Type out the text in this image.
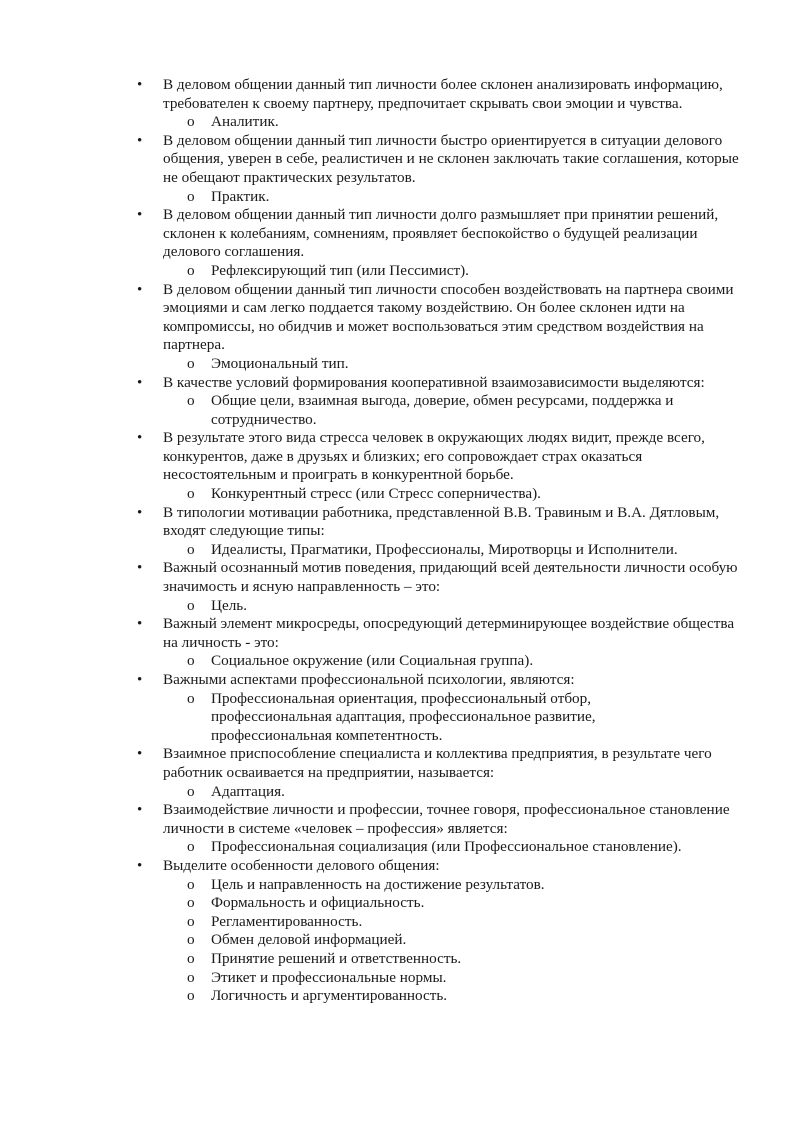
• В деловом общении данный тип личности более склонен анализировать информацию, требователен к своему партнеру, предпочитает скрывать свои эмоции и чувства.
o Аналитик.
• В деловом общении данный тип личности быстро ориентируется в ситуации делового общения, уверен в себе, реалистичен и не склонен заключать такие соглашения, которые не обещают практических результатов.
o Практик.
• В деловом общении данный тип личности долго размышляет при принятии решений, склонен к колебаниям, сомнениям, проявляет беспокойство о будущей реализации делового соглашения.
o Рефлексирующий тип (или Пессимист).
• В деловом общении данный тип личности способен воздействовать на партнера своими эмоциями и сам легко поддается такому воздействию. Он более склонен идти на компромиссы, но обидчив и может воспользоваться этим средством воздействия на партнера.
o Эмоциональный тип.
• В качестве условий формирования кооперативной взаимозависимости выделяются:
o Общие цели, взаимная выгода, доверие, обмен ресурсами, поддержка и сотрудничество.
• В результате этого вида стресса человек в окружающих людях видит, прежде всего, конкурентов, даже в друзьях и близких; его сопровождает страх оказаться несостоятельным и проиграть в конкурентной борьбе.
o Конкурентный стресс (или Стресс соперничества).
• В типологии мотивации работника, представленной В.В. Травиным и В.А. Дятловым, входят следующие типы:
o Идеалисты, Прагматики, Профессионалы, Миротворцы и Исполнители.
• Важный осознанный мотив поведения, придающий всей деятельности личности особую значимость и ясную направленность – это:
o Цель.
• Важный элемент микросреды, опосредующий детерминирующее воздействие общества на личность - это:
o Социальное окружение (или Социальная группа).
• Важными аспектами профессиональной психологии, являются:
o Профессиональная ориентация, профессиональный отбор, профессиональная адаптация, профессиональное развитие, профессиональная компетентность.
• Взаимное приспособление специалиста и коллектива предприятия, в результате чего работник осваивается на предприятии, называется:
o Адаптация.
• Взаимодействие личности и профессии, точнее говоря, профессиональное становление личности в системе «человек – профессия» является:
o Профессиональная социализация (или Профессиональное становление).
• Выделите особенности делового общения:
o Цель и направленность на достижение результатов.
o Формальность и официальность.
o Регламентированность.
o Обмен деловой информацией.
o Принятие решений и ответственность.
o Этикет и профессиональные нормы.
o Логичность и аргументированность.
